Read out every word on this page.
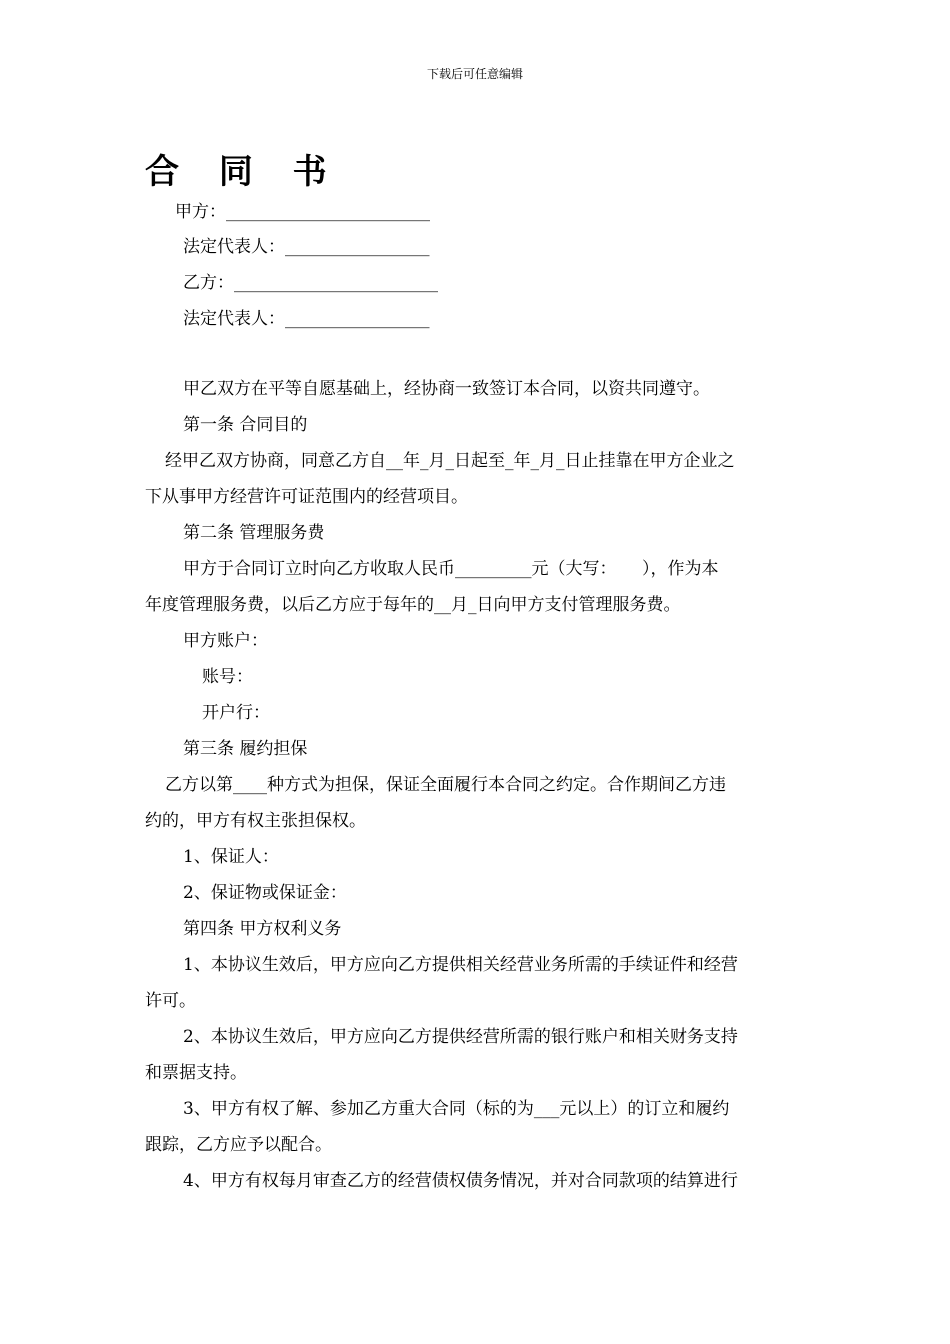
下载后可任意编辑
合 同 书
甲方：________________________
法定代表人：_________________
乙方：________________________
法定代表人：_________________
甲乙双方在平等自愿基础上，经协商一致签订本合同，以资共同遵守。
第一条 合同目的
经甲乙双方协商，同意乙方自__年_月_日起至_年_月_日止挂靠在甲方企业之
下从事甲方经营许可证范围内的经营项目。
第二条 管理服务费
甲方于合同订立时向乙方收取人民币_________元（大写：　　），作为本
年度管理服务费，以后乙方应于每年的__月_日向甲方支付管理服务费。
甲方账户：
账号：
开户行：
第三条 履约担保
乙方以第____种方式为担保，保证全面履行本合同之约定。合作期间乙方违
约的，甲方有权主张担保权。
1、保证人：
2、保证物或保证金：
第四条 甲方权利义务
1、本协议生效后，甲方应向乙方提供相关经营业务所需的手续证件和经营
许可。
2、本协议生效后，甲方应向乙方提供经营所需的银行账户和相关财务支持
和票据支持。
3、甲方有权了解、参加乙方重大合同（标的为___元以上）的订立和履约
跟踪，乙方应予以配合。
4、甲方有权每月审查乙方的经营债权债务情况，并对合同款项的结算进行
